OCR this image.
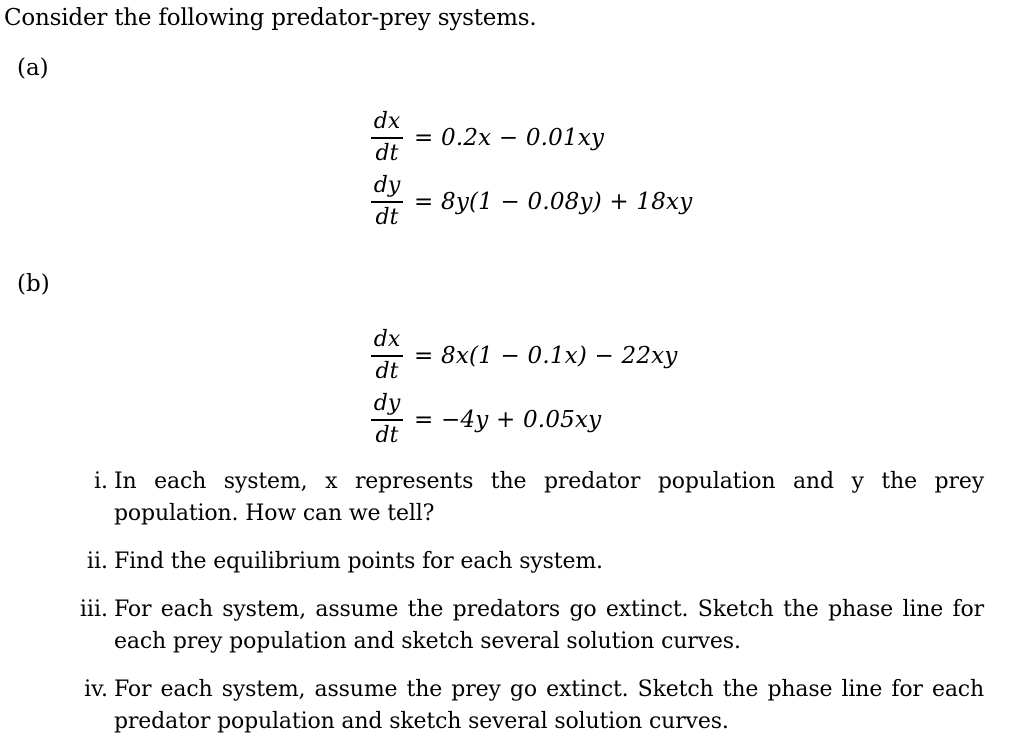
Consider the following predator-prey systems.
(a)
$\frac{dx}{dt} = 0.2x - 0.01xy$
$\frac{dy}{dt} = 8y(1 - 0.08y) + 18xy$
(b)
$\frac{dx}{dt} = 8x(1 - 0.1x) - 22xy$
$\frac{dy}{dt} = -4y + 0.05xy$
i. In each system, x represents the predator population and y the prey population. How can we tell?
ii. Find the equilibrium points for each system.
iii. For each system, assume the predators go extinct. Sketch the phase line for each prey population and sketch several solution curves.
iv. For each system, assume the prey go extinct. Sketch the phase line for each predator population and sketch several solution curves.
